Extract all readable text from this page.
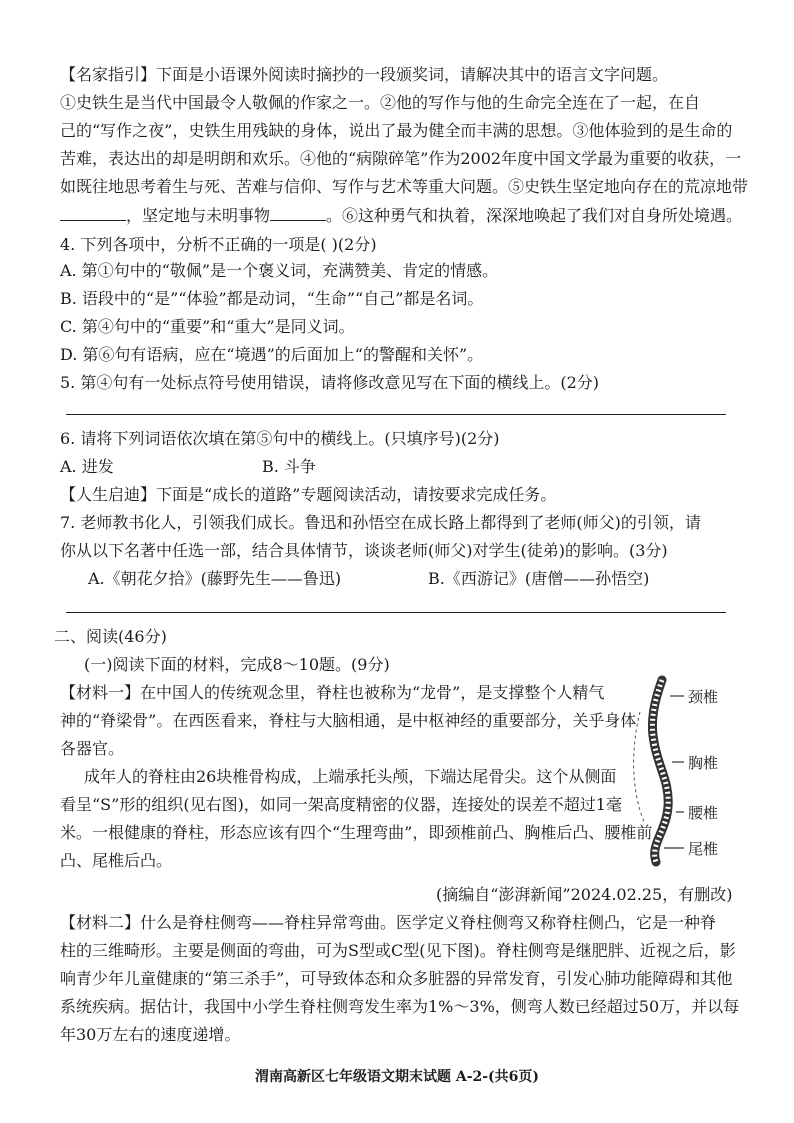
【名家指引】下面是小语课外阅读时摘抄的一段颁奖词，请解决其中的语言文字问题。
①史铁生是当代中国最令人敬佩的作家之一。②他的写作与他的生命完全连在了一起，在自
己的“写作之夜”，史铁生用残缺的身体，说出了最为健全而丰满的思想。③他体验到的是生命的
苦难，表达出的却是明朗和欢乐。④他的“病隙碎笔”作为2002年度中国文学最为重要的收获，一
如既往地思考着生与死、苦难与信仰、写作与艺术等重大问题。⑤史铁生坚定地向存在的荒凉地带
，坚定地与未明事物	。⑥这种勇气和执着，深深地唤起了我们对自身所处境遇。
4. 下列各项中，分析不正确的一项是( )(2分)
A. 第①句中的“敬佩”是一个褒义词，充满赞美、肯定的情感。
B. 语段中的“是”“体验”都是动词，“生命”“自己”都是名词。
C. 第④句中的“重要”和“重大”是同义词。
D. 第⑥句有语病，应在“境遇”的后面加上“的警醒和关怀”。
5. 第④句有一处标点符号使用错误，请将修改意见写在下面的横线上。(2分)
6. 请将下列词语依次填在第⑤句中的横线上。(只填序号)(2分)
A. 进发	B. 斗争
【人生启迪】下面是“成长的道路”专题阅读活动，请按要求完成任务。
7. 老师教书化人，引领我们成长。鲁迅和孙悟空在成长路上都得到了老师(师父)的引领，请
你从以下名著中任选一部，结合具体情节，谈谈老师(师父)对学生(徒弟)的影响。(3分)
A.《朝花夕拾》(藤野先生——鲁迅)	B.《西游记》(唐僧——孙悟空)
二、阅读(46分)
(一)阅读下面的材料，完成8～10题。(9分)
【材料一】在中国人的传统观念里，脊柱也被称为“龙骨”，是支撑整个人精气
神的“脊梁骨”。在西医看来，脊柱与大脑相通，是中枢神经的重要部分，关乎身体
各器官。
成年人的脊柱由26块椎骨构成，上端承托头颅，下端达尾骨尖。这个从侧面
看呈“S”形的组织(见右图)，如同一架高度精密的仪器，连接处的误差不超过1毫
米。一根健康的脊柱，形态应该有四个“生理弯曲”，即颈椎前凸、胸椎后凸、腰椎前
凸、尾椎后凸。
颈椎
胸椎
腰椎
尾椎
(摘编自“澎湃新闻”2024.02.25，有删改)
【材料二】什么是脊柱侧弯——脊柱异常弯曲。医学定义脊柱侧弯又称脊柱侧凸，它是一种脊
柱的三维畸形。主要是侧面的弯曲，可为S型或C型(见下图)。脊柱侧弯是继肥胖、近视之后，影
响青少年儿童健康的“第三杀手”，可导致体态和众多脏器的异常发育，引发心肺功能障碍和其他
系统疾病。据估计，我国中小学生脊柱侧弯发生率为1%～3%，侧弯人数已经超过50万，并以每
年30万左右的速度递增。
渭南高新区七年级语文期末试题 A-2-(共6页)
